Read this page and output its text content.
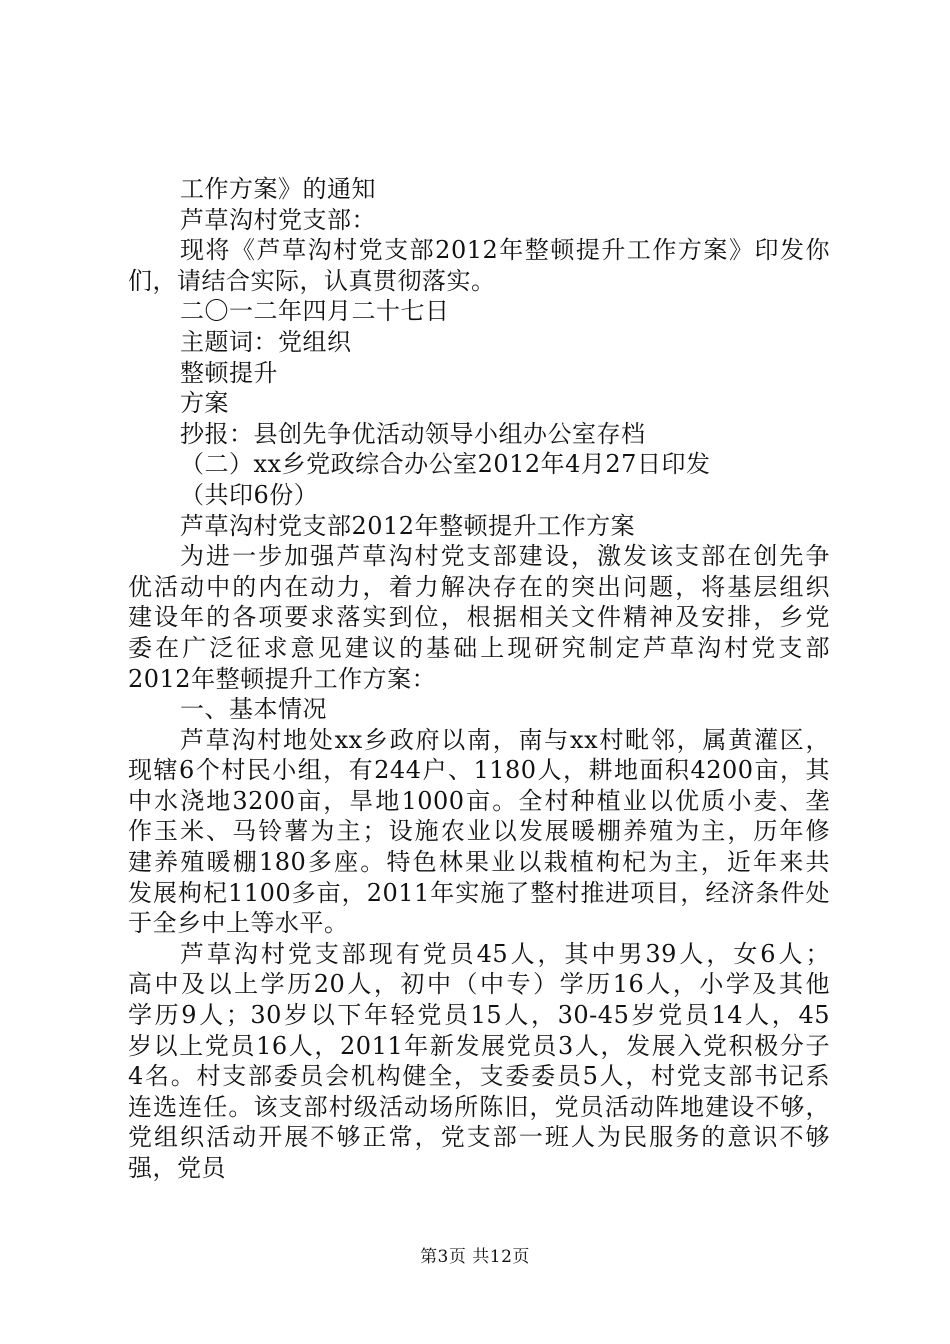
工作方案》的通知

芦草沟村党支部：

现将《芦草沟村党支部2012年整顿提升工作方案》印发你

们，请结合实际，认真贯彻落实。

二〇一二年四月二十七日

主题词：党组织

整顿提升

方案

抄报：县创先争优活动领导小组办公室存档

（二）xx乡党政综合办公室2012年4月27日印发

（共印6份）

芦草沟村党支部2012年整顿提升工作方案

为进一步加强芦草沟村党支部建设，激发该支部在创先争

优活动中的内在动力，着力解决存在的突出问题，将基层组织

建设年的各项要求落实到位，根据相关文件精神及安排，乡党

委在广泛征求意见建议的基础上现研究制定芦草沟村党支部

2012年整顿提升工作方案：

一、基本情况

芦草沟村地处xx乡政府以南，南与xx村毗邻，属黄灌区，

现辖6个村民小组，有244户、1180人，耕地面积4200亩，其

中水浇地3200亩，旱地1000亩。全村种植业以优质小麦、垄

作玉米、马铃薯为主；设施农业以发展暖棚养殖为主，历年修

建养殖暖棚180多座。特色林果业以栽植枸杞为主，近年来共

发展枸杞1100多亩，2011年实施了整村推进项目，经济条件处

于全乡中上等水平。

芦草沟村党支部现有党员45人，其中男39人，女6人；

高中及以上学历20人，初中（中专）学历16人，小学及其他

学历9人；30岁以下年轻党员15人，30-45岁党员14人，45

岁以上党员16人，2011年新发展党员3人，发展入党积极分子

4名。村支部委员会机构健全，支委委员5人，村党支部书记系

连选连任。该支部村级活动场所陈旧，党员活动阵地建设不够，

党组织活动开展不够正常，党支部一班人为民服务的意识不够

强，党员

第3页 共12页
